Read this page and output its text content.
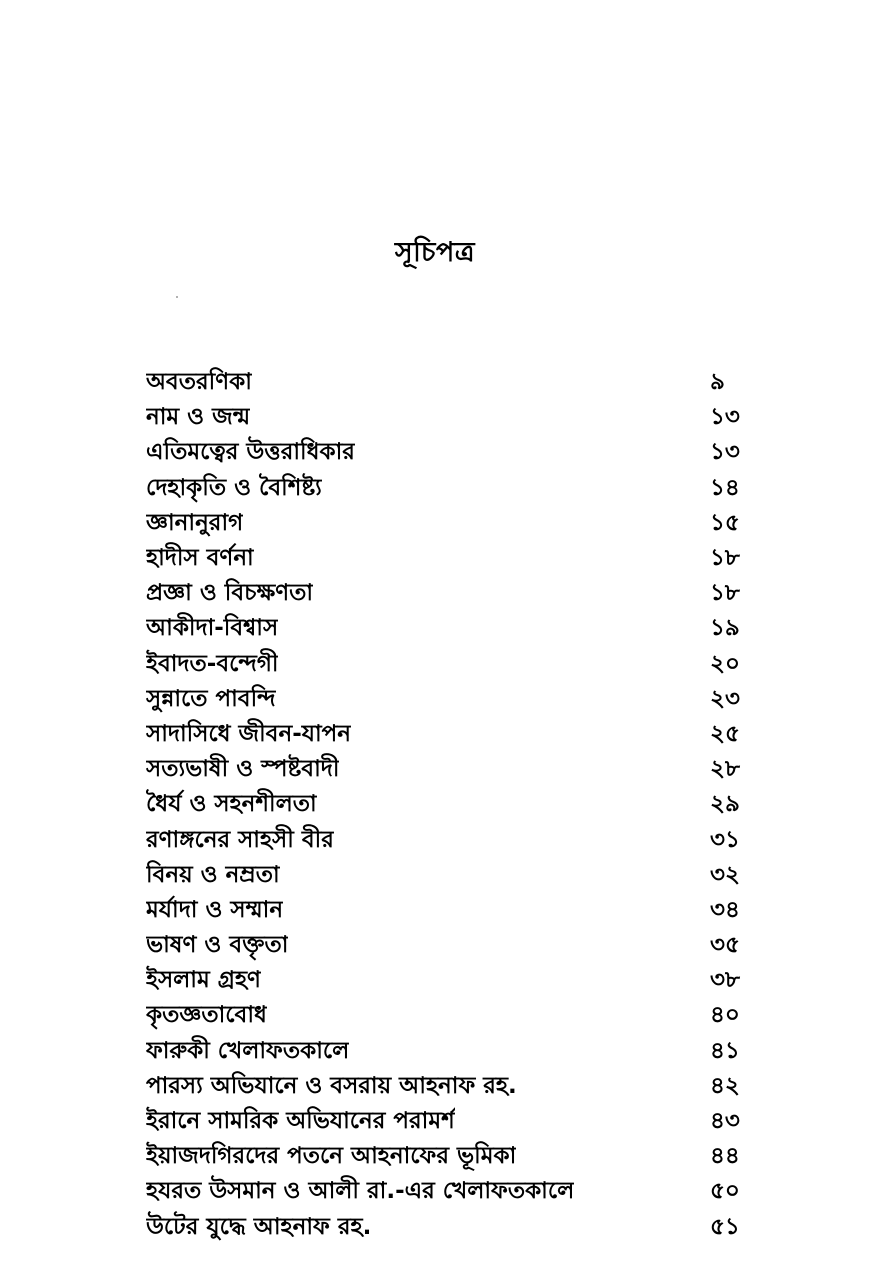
সূচিপত্র
অবতরণিকা	৯
নাম ও জন্ম	১৩
এতিমত্বের উত্তরাধিকার	১৩
দেহাকৃতি ও বৈশিষ্ট্য	১৪
জ্ঞানানুরাগ	১৫
হাদীস বর্ণনা	১৮
প্রজ্ঞা ও বিচক্ষণতা	১৮
আকীদা-বিশ্বাস	১৯
ইবাদত-বন্দেগী	২০
সুন্নাতে পাবন্দি	২৩
সাদাসিধে জীবন-যাপন	২৫
সত্যভাষী ও স্পষ্টবাদী	২৮
ধৈর্য ও সহনশীলতা	২৯
রণাঙ্গনের সাহসী বীর	৩১
বিনয় ও নম্রতা	৩২
মর্যাদা ও সম্মান	৩৪
ভাষণ ও বক্তৃতা	৩৫
ইসলাম গ্রহণ	৩৮
কৃতজ্ঞতাবোধ	৪০
ফারুকী খেলাফতকালে	৪১
পারস্য অভিযানে ও বসরায় আহনাফ রহ.	৪২
ইরানে সামরিক অভিযানের পরামর্শ	৪৩
ইয়াজদগিরদের পতনে আহনাফের ভূমিকা	৪৪
হযরত উসমান ও আলী রা.-এর খেলাফতকালে	৫০
উটের যুদ্ধে আহনাফ রহ.	৫১
